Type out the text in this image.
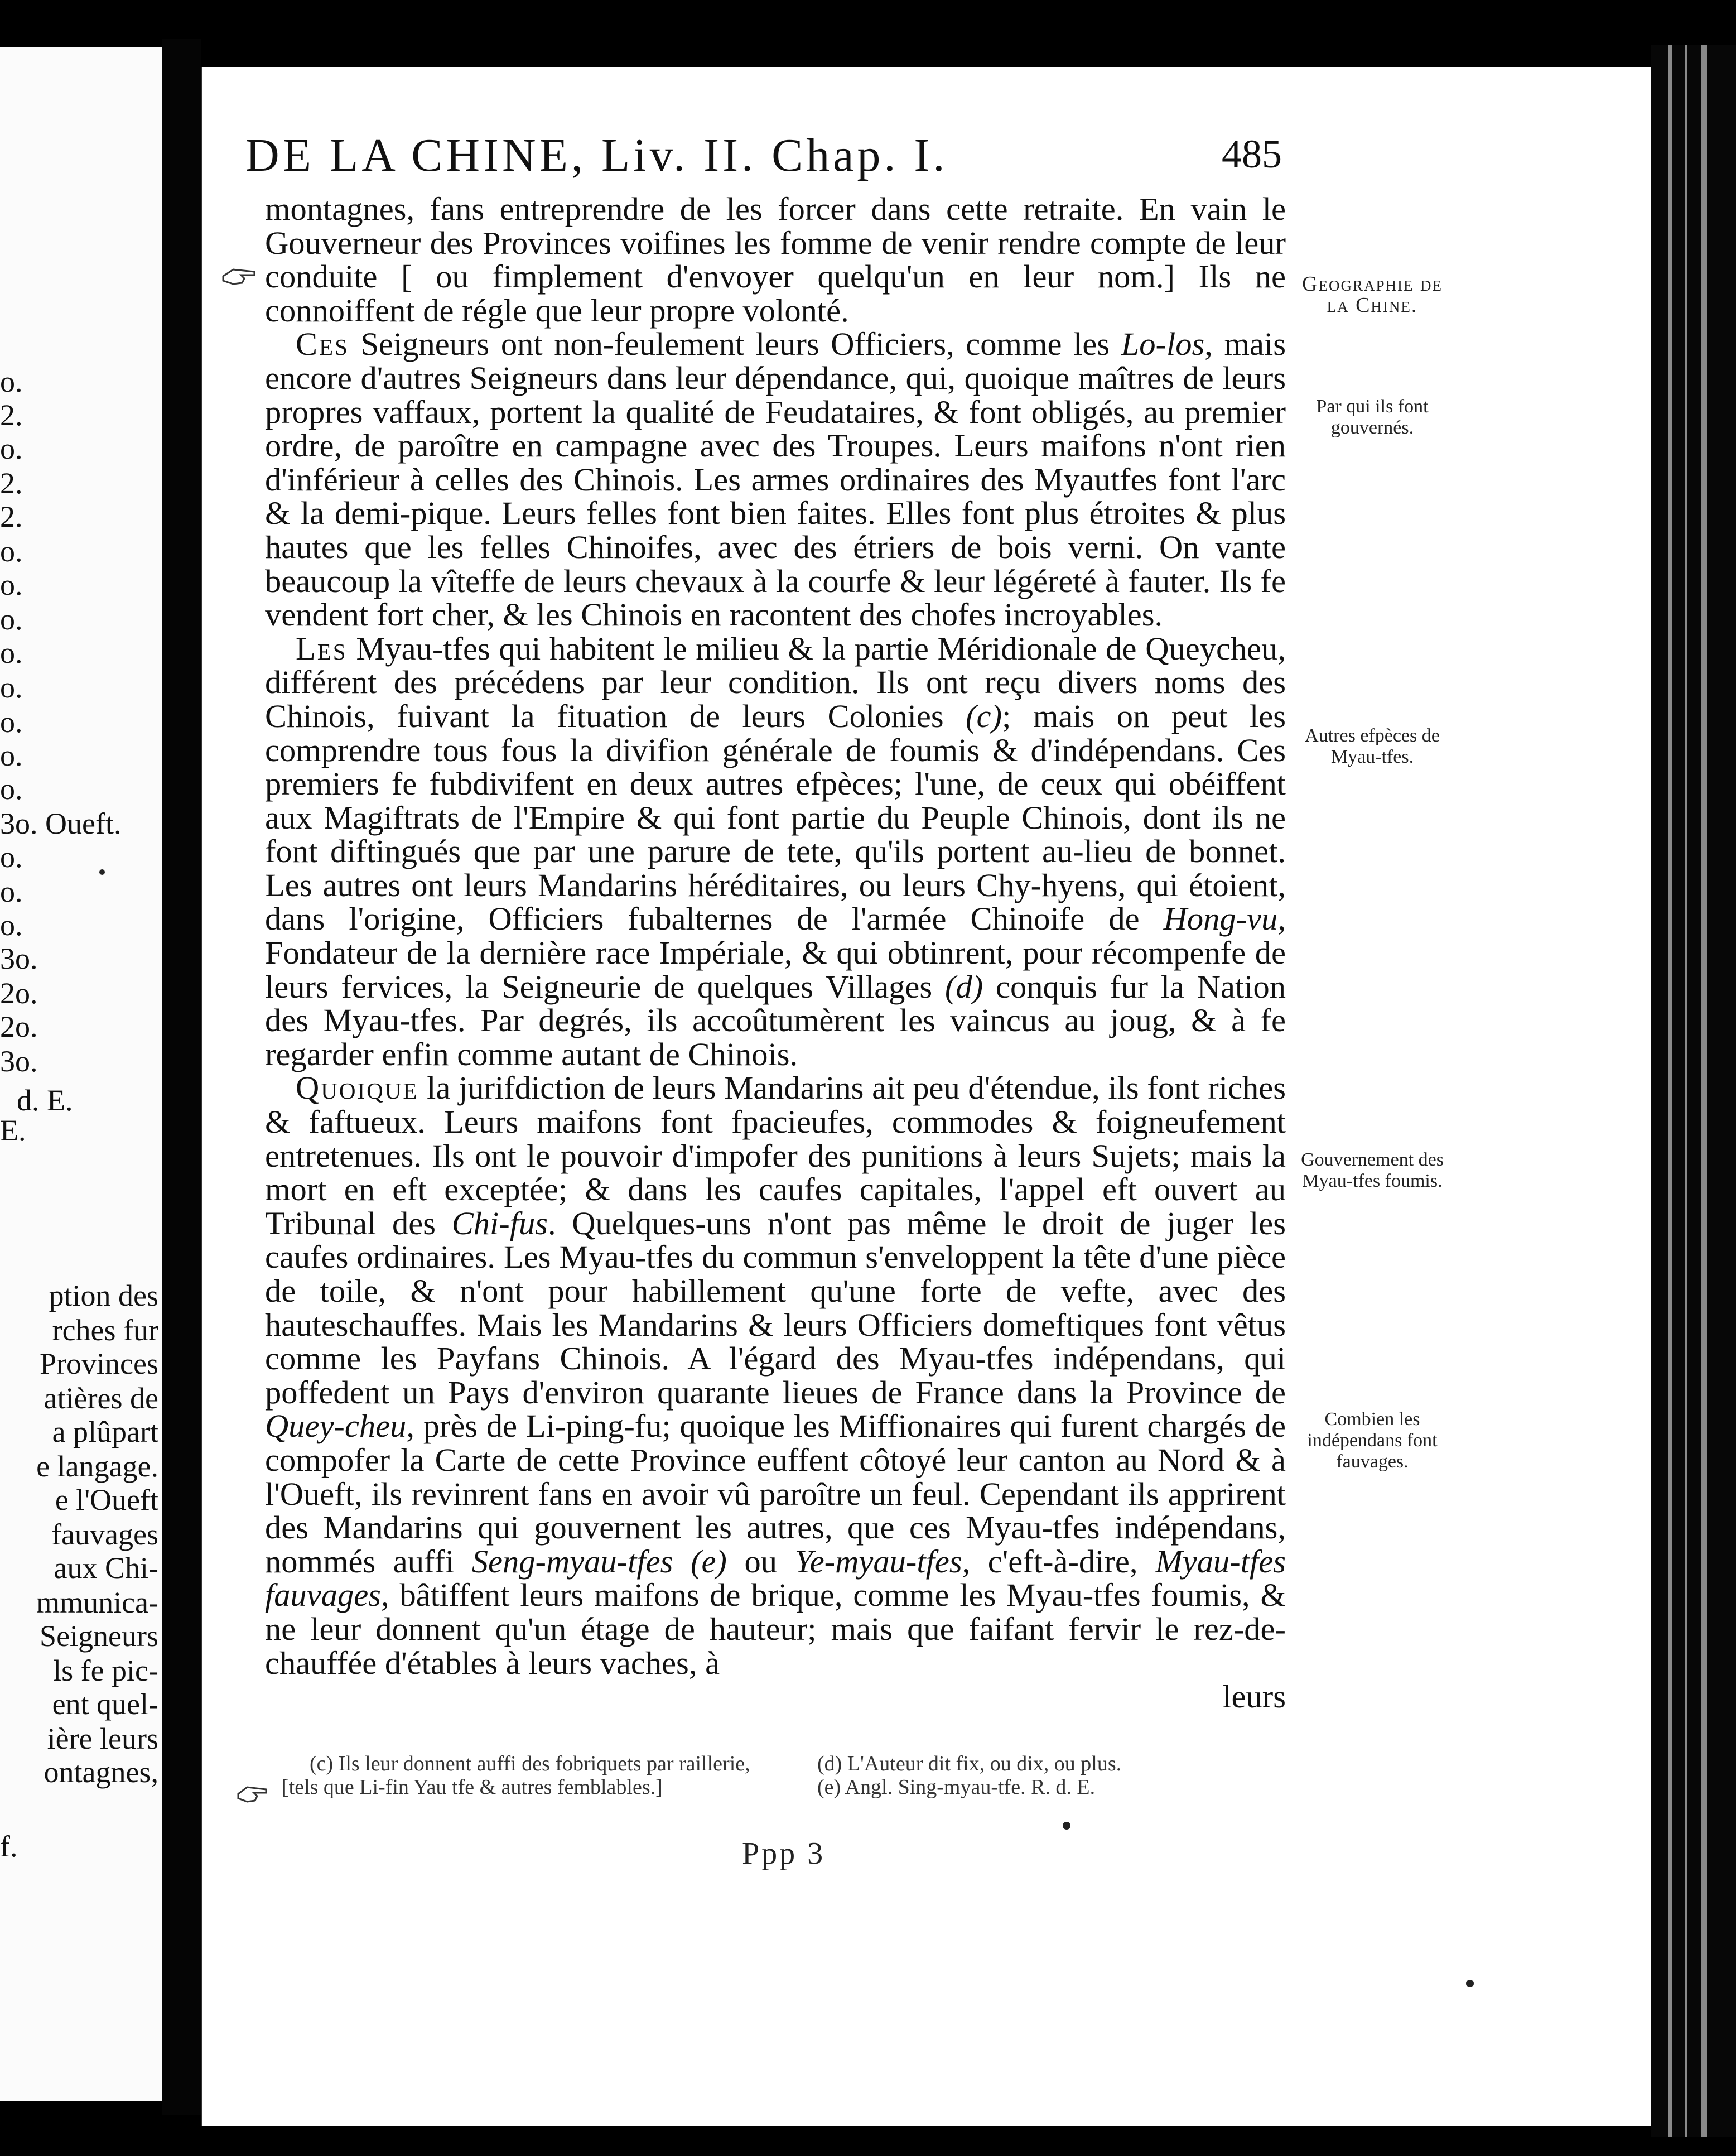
o.
2.
o.
2.
2.
o.
o.
o.
o.
o.
o.
o.
o.
3o. Oueft.
o.
o.
o.
3o.
2o.
2o.
3o.
d. E.
E.
ption des
rches fur
Provinces
atières de
a plûpart
e langage.
e l'Oueft
fauvages
aux Chi-
mmunica-
Seigneurs
ls fe pic-
ent quel-
ière leurs
ontagnes,
f.
DE LA CHINE, Liv. II. Chap. I.	485

montagnes, fans entreprendre de les forcer dans cette retraite. En vain le Gouverneur des Provinces voifines les fomme de venir rendre compte de leur conduite [ ou fimplement d'envoyer quelqu'un en leur nom.] Ils ne connoiffent de régle que leur propre volonté.

Ces Seigneurs ont non-feulement leurs Officiers, comme les Lo-los, mais encore d'autres Seigneurs dans leur dépendance, qui, quoique maîtres de leurs propres vaffaux, portent la qualité de Feudataires, & font obligés, au premier ordre, de paroître en campagne avec des Troupes. Leurs maifons n'ont rien d'inférieur à celles des Chinois. Les armes ordinaires des Myautfes font l'arc & la demi-pique. Leurs felles font bien faites. Elles font plus étroites & plus hautes que les felles Chinoifes, avec des étriers de bois verni. On vante beaucoup la vîteffe de leurs chevaux à la courfe & leur légéreté à fauter. Ils fe vendent fort cher, & les Chinois en racontent des chofes incroyables.

Les Myau-tfes qui habitent le milieu & la partie Méridionale de Queycheu, différent des précédens par leur condition. Ils ont reçu divers noms des Chinois, fuivant la fituation de leurs Colonies (c); mais on peut les comprendre tous fous la divifion générale de foumis & d'indépendans. Ces premiers fe fubdivifent en deux autres efpèces; l'une, de ceux qui obéiffent aux Magiftrats de l'Empire & qui font partie du Peuple Chinois, dont ils ne font diftingués que par une parure de tete, qu'ils portent au-lieu de bonnet. Les autres ont leurs Mandarins héréditaires, ou leurs Chy-hyens, qui étoient, dans l'origine, Officiers fubalternes de l'armée Chinoife de Hong-vu, Fondateur de la dernière race Impériale, & qui obtinrent, pour récompenfe de leurs fervices, la Seigneurie de quelques Villages (d) conquis fur la Nation des Myau-tfes. Par degrés, ils accoûtumèrent les vaincus au joug, & à fe regarder enfin comme autant de Chinois.

Quoique la jurifdiction de leurs Mandarins ait peu d'étendue, ils font riches & faftueux. Leurs maifons font fpacieufes, commodes & foigneufement entretenues. Ils ont le pouvoir d'impofer des punitions à leurs Sujets; mais la mort en eft exceptée; & dans les caufes capitales, l'appel eft ouvert au Tribunal des Chi-fus. Quelques-uns n'ont pas même le droit de juger les caufes ordinaires. Les Myau-tfes du commun s'enveloppent la tête d'une pièce de toile, & n'ont pour habillement qu'une forte de vefte, avec des hauteschauffes. Mais les Mandarins & leurs Officiers domeftiques font vêtus comme les Payfans Chinois. A l'égard des Myau-tfes indépendans, qui poffedent un Pays d'environ quarante lieues de France dans la Province de Quey-cheu, près de Li-ping-fu; quoique les Miffionaires qui furent chargés de compofer la Carte de cette Province euffent côtoyé leur canton au Nord & à l'Oueft, ils revinrent fans en avoir vû paroître un feul. Cependant ils apprirent des Mandarins qui gouvernent les autres, que ces Myau-tfes indépendans, nommés auffi Seng-myau-tfes (e) ou Ye-myau-tfes, c'eft-à-dire, Myau-tfes fauvages, bâtiffent leurs maifons de brique, comme les Myau-tfes foumis, & ne leur donnent qu'un étage de hauteur; mais que faifant fervir le rez-de-chauffée d'étables à leurs vaches, à

leurs
Geographie de la Chine.
Par qui ils font gouvernés.
Autres efpèces de Myau-tfes.
Gouvernement des Myau-tfes foumis.
Combien les indépendans font fauvages.

(c) Ils leur donnent auffi des fobriquets par raillerie, [tels que Li-fin Yau tfe & autres femblables.]

(d) L'Auteur dit fix, ou dix, ou plus.

(e) Angl. Sing-myau-tfe. R. d. E.

Ppp 3
